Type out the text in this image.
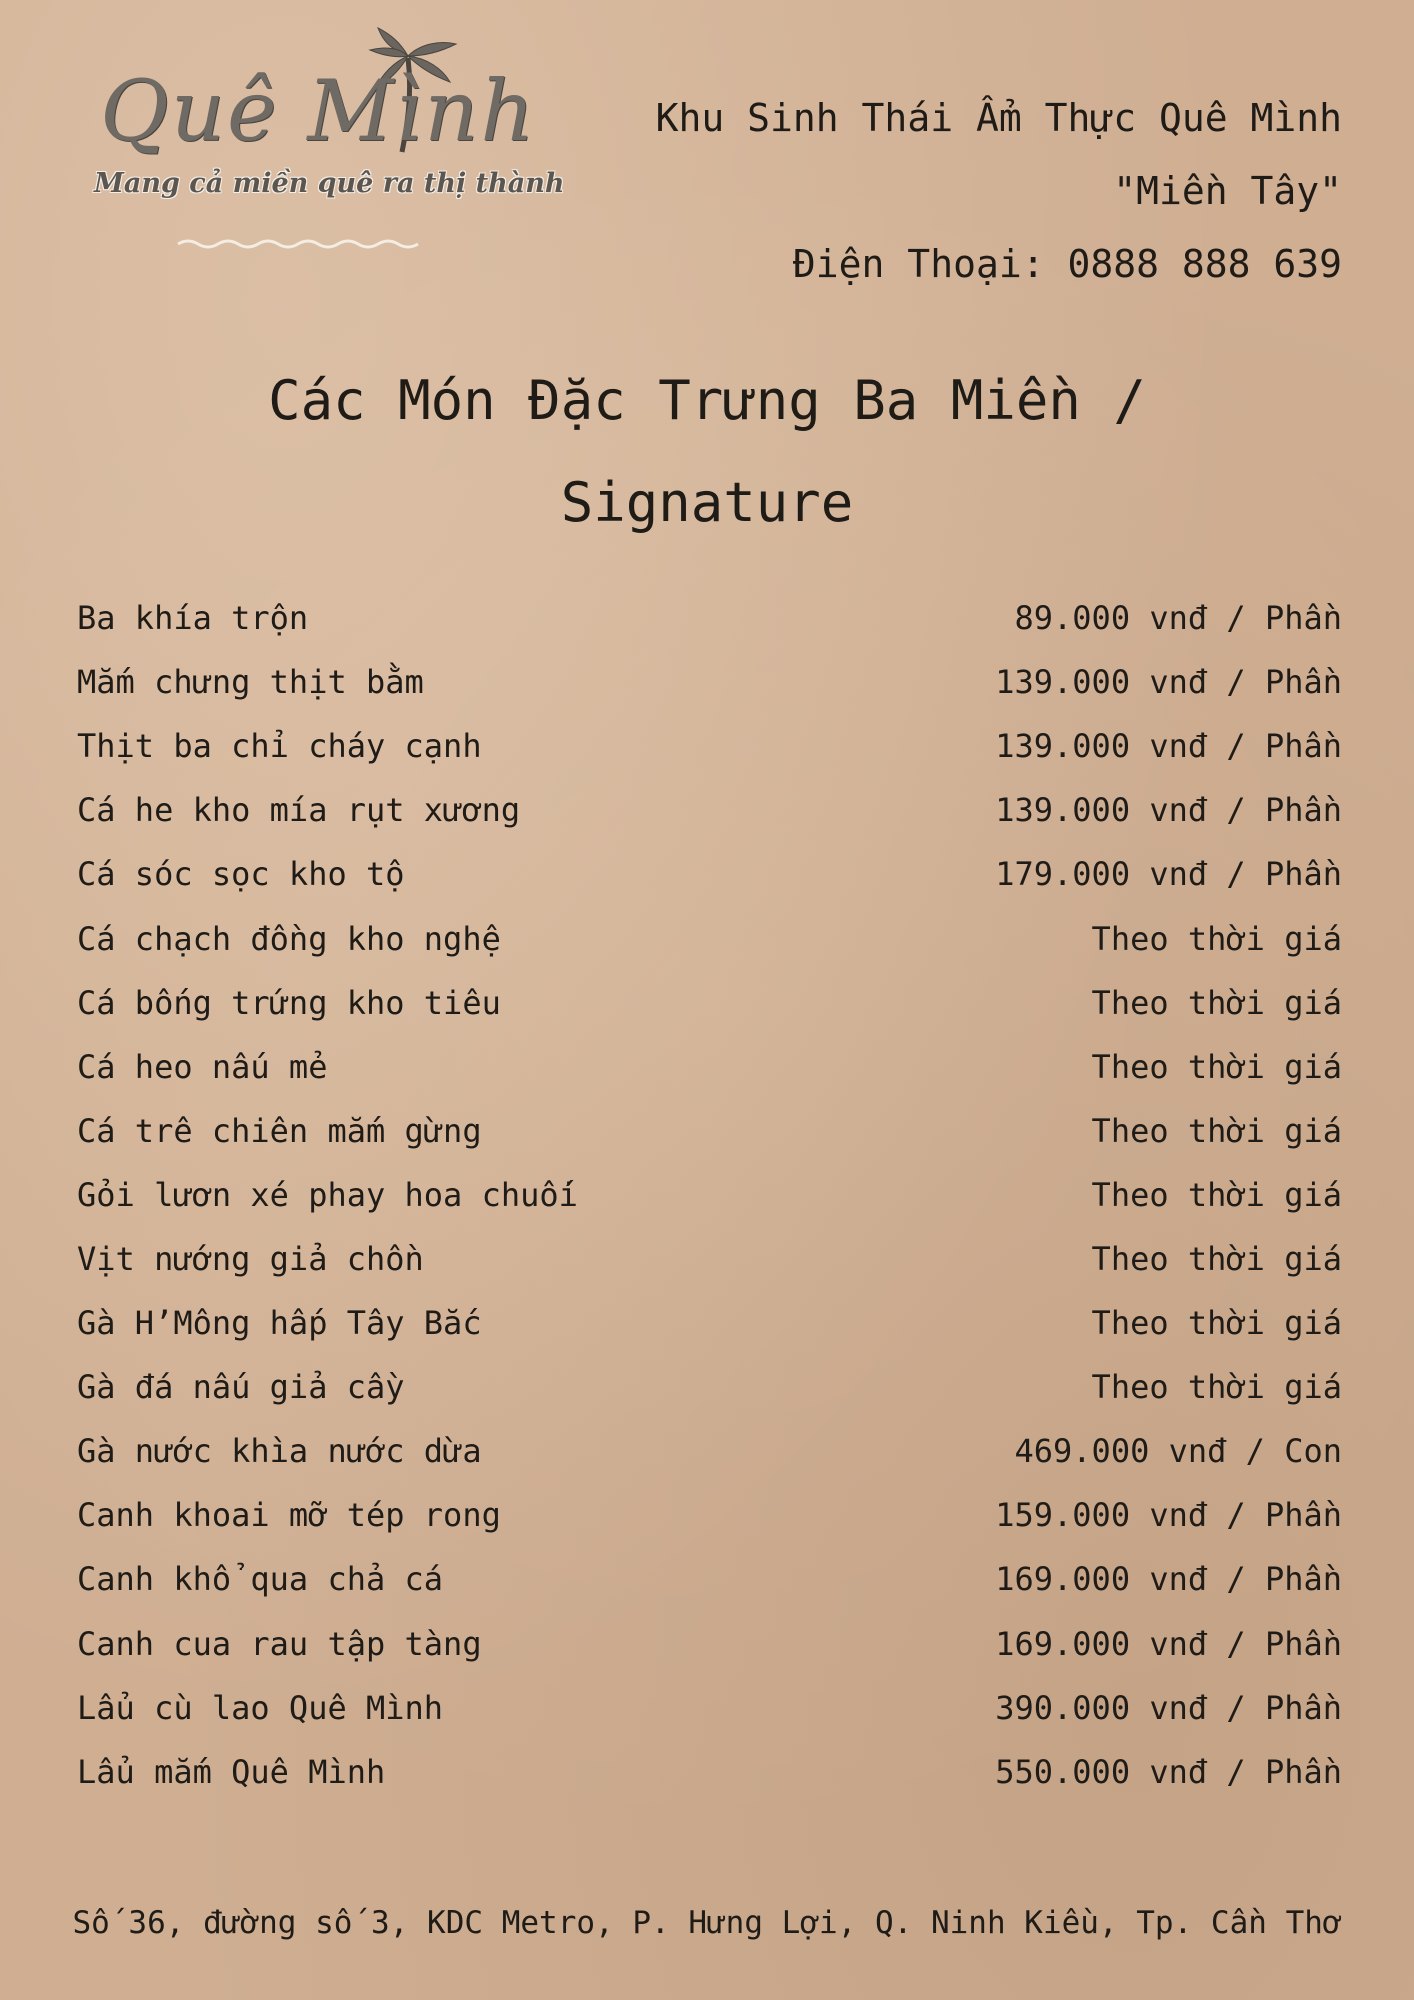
Quê Mình
Mang cả miền quê ra thị thành
Khu Sinh Thái Ẩm Thực Quê Mình
"Miền Tây"
Điện Thoại: 0888 888 639
Các Món Đặc Trưng Ba Miền /
Signature
Ba khía trộn	89.000 vnđ / Phần
Mắm chưng thịt bằm	139.000 vnđ / Phần
Thịt ba chỉ cháy cạnh	139.000 vnđ / Phần
Cá he kho mía rụt xương	139.000 vnđ / Phần
Cá sóc sọc kho tộ	179.000 vnđ / Phần
Cá chạch đồng kho nghệ	Theo thời giá
Cá bống trứng kho tiêu	Theo thời giá
Cá heo nấu mẻ	Theo thời giá
Cá trê chiên mắm gừng	Theo thời giá
Gỏi lươn xé phay hoa chuối	Theo thời giá
Vịt nướng giả chồn	Theo thời giá
Gà H’Mông hấp Tây Bắc	Theo thời giá
Gà đá nấu giả cầy	Theo thời giá
Gà nước khìa nước dừa	469.000 vnđ / Con
Canh khoai mỡ tép rong	159.000 vnđ / Phần
Canh khổ qua chả cá	169.000 vnđ / Phần
Canh cua rau tập tàng	169.000 vnđ / Phần
Lẩu cù lao Quê Mình	390.000 vnđ / Phần
Lẩu mắm Quê Mình	550.000 vnđ / Phần
Số 36, đường số 3, KDC Metro, P. Hưng Lợi, Q. Ninh Kiều, Tp. Cần Thơ
